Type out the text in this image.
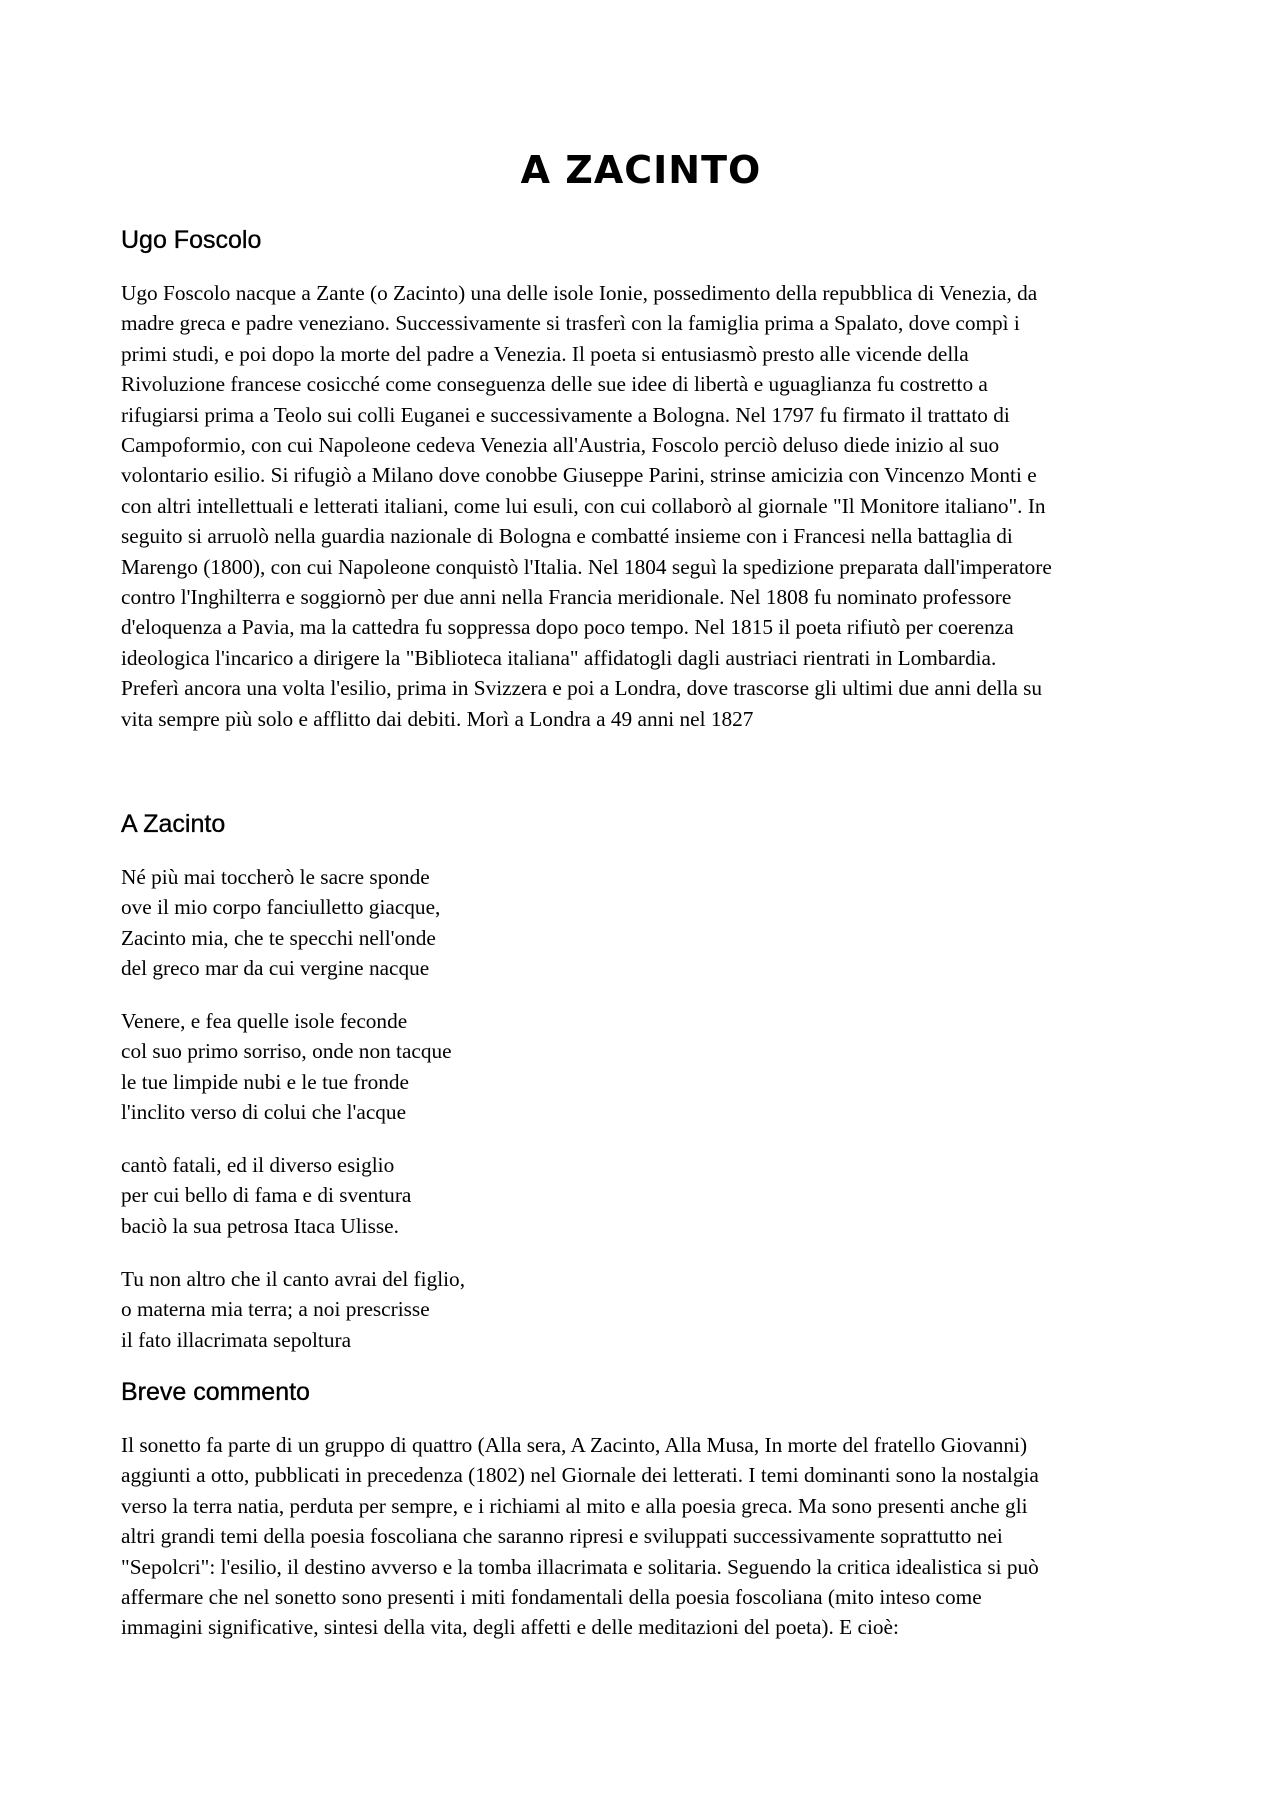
A ZACINTO
Ugo Foscolo
Ugo Foscolo nacque a Zante (o Zacinto) una delle isole Ionie, possedimento della repubblica di Venezia, da
madre greca e padre veneziano. Successivamente si trasferì con la famiglia prima a Spalato, dove compì i
primi studi, e poi dopo la morte del padre a Venezia. Il poeta si entusiasmò presto alle vicende della
Rivoluzione francese cosicché come conseguenza delle sue idee di libertà e uguaglianza fu costretto a
rifugiarsi prima a Teolo sui colli Euganei e successivamente a Bologna. Nel 1797 fu firmato il trattato di
Campoformio, con cui Napoleone cedeva Venezia all'Austria, Foscolo perciò deluso diede inizio al suo
volontario esilio. Si rifugiò a Milano dove conobbe Giuseppe Parini, strinse amicizia con Vincenzo Monti e
con altri intellettuali e letterati italiani, come lui esuli, con cui collaborò al giornale "Il Monitore italiano". In
seguito si arruolò nella guardia nazionale di Bologna e combatté insieme con i Francesi nella battaglia di
Marengo (1800), con cui Napoleone conquistò l'Italia. Nel 1804 seguì la spedizione preparata dall'imperatore
contro l'Inghilterra e soggiornò per due anni nella Francia meridionale. Nel 1808 fu nominato professore
d'eloquenza a Pavia, ma la cattedra fu soppressa dopo poco tempo. Nel 1815 il poeta rifiutò per coerenza
ideologica l'incarico a dirigere la "Biblioteca italiana" affidatogli dagli austriaci rientrati in Lombardia.
Preferì ancora una volta l'esilio, prima in Svizzera e poi a Londra, dove trascorse gli ultimi due anni della su
vita sempre più solo e afflitto dai debiti. Morì a Londra a 49 anni nel 1827
A Zacinto
Né più mai toccherò le sacre sponde
ove il mio corpo fanciulletto giacque,
Zacinto mia, che te specchi nell'onde
del greco mar da cui vergine nacque
Venere, e fea quelle isole feconde
col suo primo sorriso, onde non tacque
le tue limpide nubi e le tue fronde
l'inclito verso di colui che l'acque
cantò fatali, ed il diverso esiglio
per cui bello di fama e di sventura
baciò la sua petrosa Itaca Ulisse.
Tu non altro che il canto avrai del figlio,
o materna mia terra; a noi prescrisse
il fato illacrimata sepoltura
Breve commento
Il sonetto fa parte di un gruppo di quattro (Alla sera, A Zacinto, Alla Musa, In morte del fratello Giovanni)
aggiunti a otto, pubblicati in precedenza (1802) nel Giornale dei letterati. I temi dominanti sono la nostalgia
verso la terra natia, perduta per sempre, e i richiami al mito e alla poesia greca. Ma sono presenti anche gli
altri grandi temi della poesia foscoliana che saranno ripresi e sviluppati successivamente soprattutto nei
"Sepolcri": l'esilio, il destino avverso e la tomba illacrimata e solitaria. Seguendo la critica idealistica si può
affermare che nel sonetto sono presenti i miti fondamentali della poesia foscoliana (mito inteso come
immagini significative, sintesi della vita, degli affetti e delle meditazioni del poeta). E cioè:
